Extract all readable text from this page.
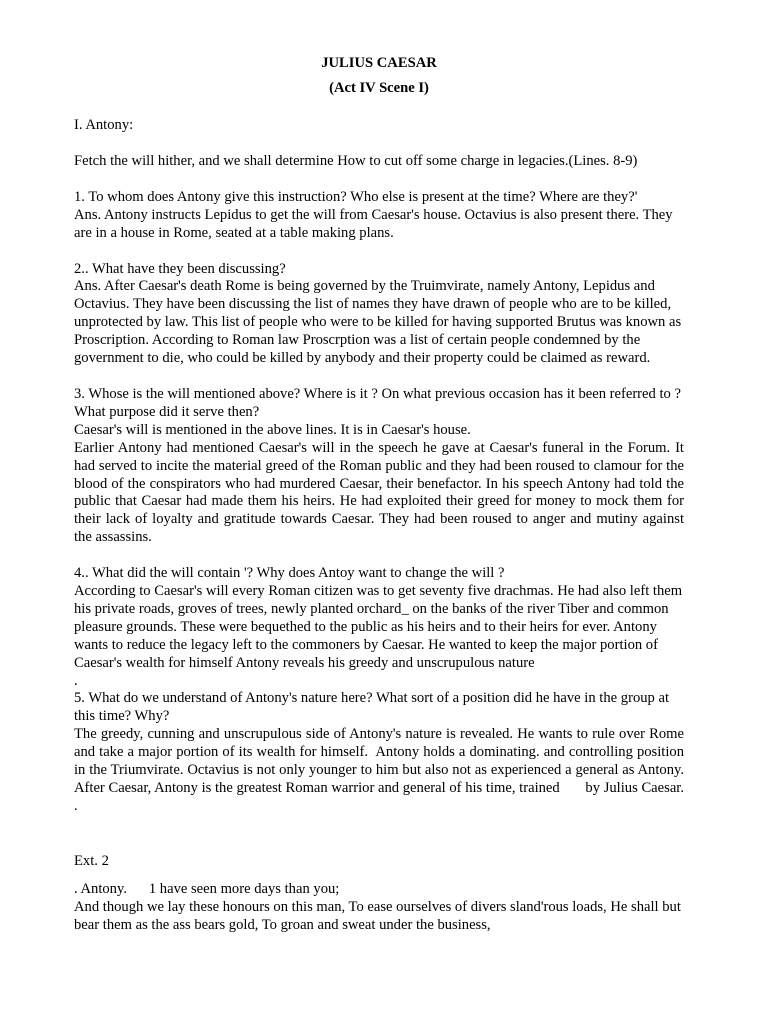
JULIUS CAESAR

(Act IV Scene I)

I. Antony:

Fetch the will hither, and we shall determine How to cut off some charge in legacies.(Lines. 8-9)

1. To whom does Antony give this instruction? Who else is present at the time? Where are they?'

Ans. Antony instructs Lepidus to get the will from Caesar's house. Octavius is also present there. They are in a house in Rome, seated at a table making plans.

2.. What have they been discussing?

Ans. After Caesar's death Rome is being governed by the Truimvirate, namely Antony, Lepidus and Octavius. They have been discussing the list of names they have drawn of people who are to be killed, unprotected by law. This list of people who were to be killed for having supported Brutus was known as Proscription. According to Roman law Proscrption was a list of certain people condemned by the government to die, who could be killed by anybody and their property could be claimed as reward.

3. Whose is the will mentioned above? Where is it ? On what previous occasion has it been referred to ? What purpose did it serve then?

Caesar's will is mentioned in the above lines. It is in Caesar's house.

Earlier Antony had mentioned Caesar's will in the speech he gave at Caesar's funeral in the Forum. It had served to incite the material greed of the Roman public and they had been roused to clamour for the blood of the conspirators who had murdered Caesar, their benefactor. In his speech Antony had told the public that Caesar had made them his heirs. He had exploited their greed for money to mock them for their lack of loyalty and gratitude towards Caesar. They had been roused to anger and mutiny against the assassins.

4.. What did the will contain '? Why does Antoy want to change the will ?

According to Caesar's will every Roman citizen was to get seventy five drachmas. He had also left them his private roads, groves of trees, newly planted orchard_ on the banks of the river Tiber and common pleasure grounds. These were bequethed to the public as his heirs and to their heirs for ever. Antony wants to reduce the legacy left to the commoners by Caesar. He wanted to keep the major portion of Caesar's wealth for himself Antony reveals his greedy and unscrupulous nature

.

5. What do we understand of Antony's nature here? What sort of a position did he have in the group at this time? Why?

The greedy, cunning and unscrupulous side of Antony's nature is revealed. He wants to rule over Rome and take a major portion of its wealth for himself.  Antony holds a dominating. and controlling position in the Triumvirate. Octavius is not only younger to him but also not as experienced a general as Antony. After Caesar, Antony is the greatest Roman warrior and general of his time, trained       by Julius Caesar.           .

Ext. 2

. Antony.      1 have seen more days than you;

And though we lay these honours on this man, To ease ourselves of divers sland'rous loads, He shall but bear them as the ass bears gold, To groan and sweat under the business,
